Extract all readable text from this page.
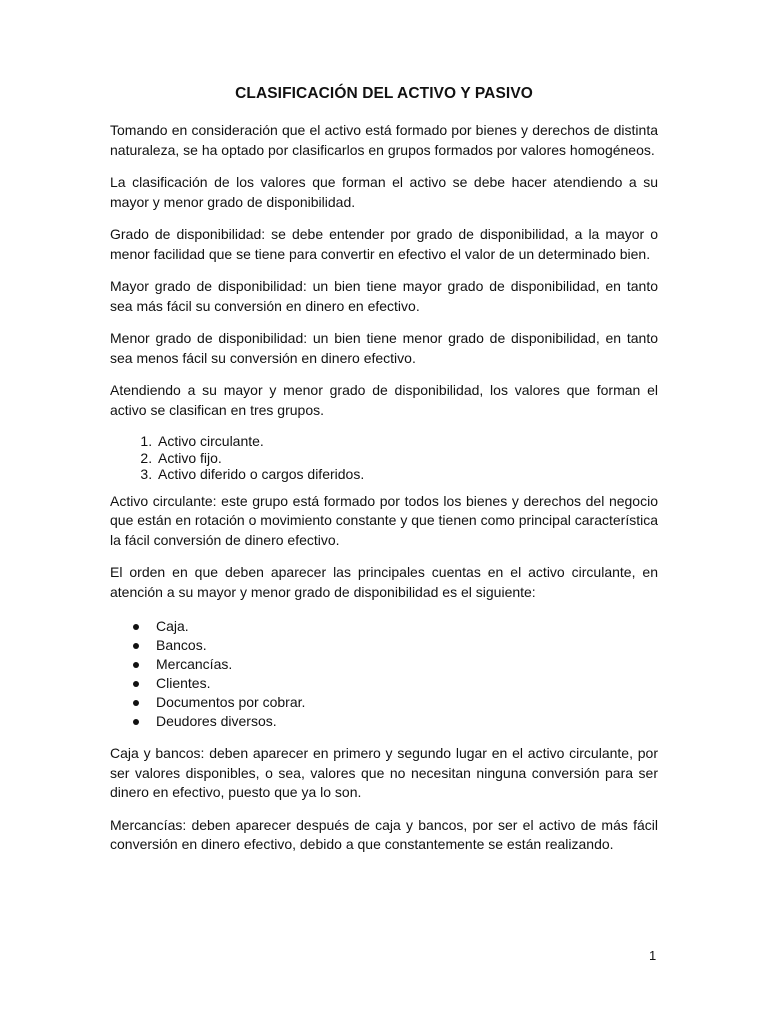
CLASIFICACIÓN DEL ACTIVO Y PASIVO

Tomando en consideración que el activo está formado por bienes y derechos de distinta naturaleza, se ha optado por clasificarlos en grupos formados por valores homogéneos.

La clasificación de los valores que forman el activo se debe hacer atendiendo a su mayor y menor grado de disponibilidad.

Grado de disponibilidad: se debe entender por grado de disponibilidad, a la mayor o menor facilidad que se tiene para convertir en efectivo el valor de un determinado bien.

Mayor grado de disponibilidad: un bien tiene mayor grado de disponibilidad, en tanto sea más fácil su conversión en dinero en efectivo.

Menor grado de disponibilidad: un bien tiene menor grado de disponibilidad, en tanto sea menos fácil su conversión en dinero efectivo.

Atendiendo a su mayor y menor grado de disponibilidad, los valores que forman el activo se clasifican en tres grupos.

1. Activo circulante.
2. Activo fijo.
3. Activo diferido o cargos diferidos.

Activo circulante: este grupo está formado por todos los bienes y derechos del negocio que están en rotación o movimiento constante y que tienen como principal característica la fácil conversión de dinero efectivo.

El orden en que deben aparecer las principales cuentas en el activo circulante, en atención a su mayor y menor grado de disponibilidad es el siguiente:

Caja.
Bancos.
Mercancías.
Clientes.
Documentos por cobrar.
Deudores diversos.

Caja y bancos: deben aparecer en primero y segundo lugar en el activo circulante, por ser valores disponibles, o sea, valores que no necesitan ninguna conversión para ser dinero en efectivo, puesto que ya lo son.

Mercancías: deben aparecer después de caja y bancos, por ser el activo de más fácil conversión en dinero efectivo, debido a que constantemente se están realizando.

1
